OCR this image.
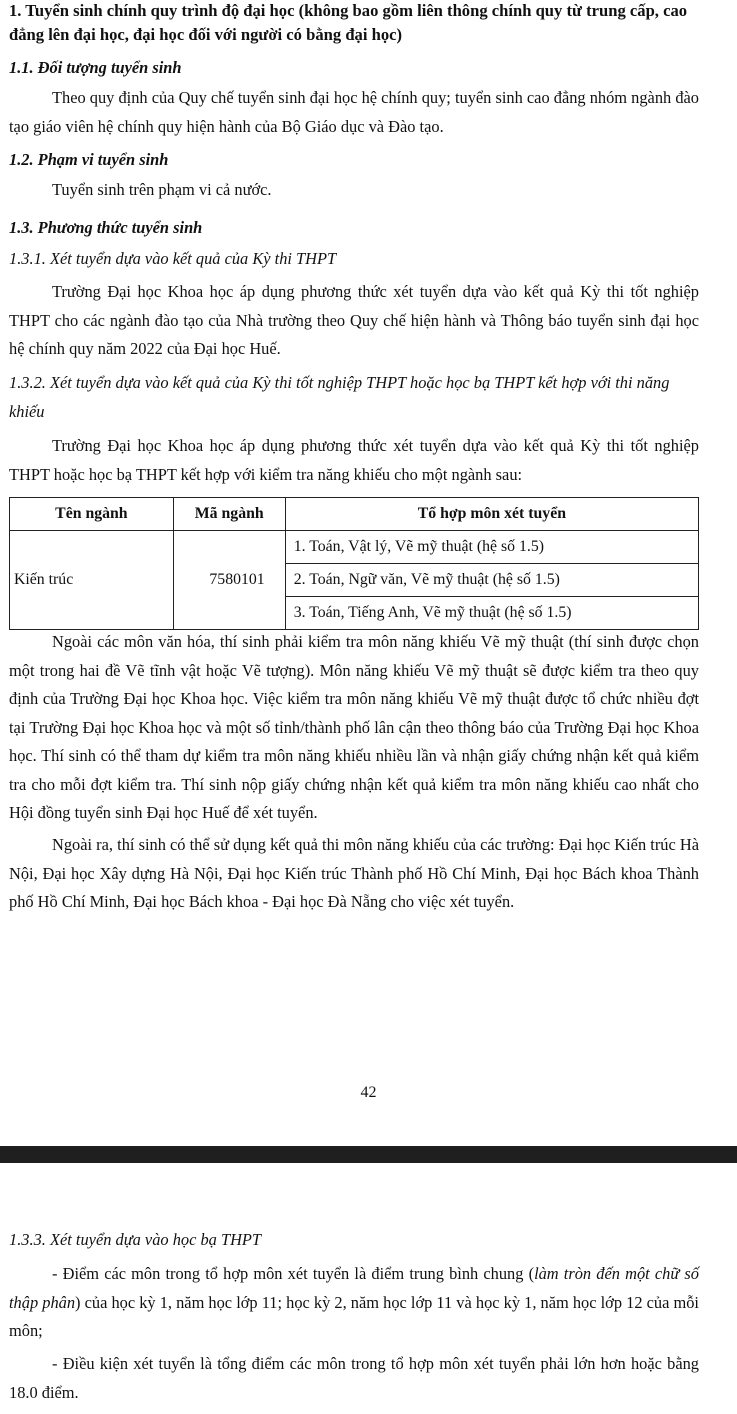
1. Tuyển sinh chính quy trình độ đại học (không bao gồm liên thông chính quy từ trung cấp, cao đẳng lên đại học, đại học đối với người có bằng đại học)

1.1. Đối tượng tuyển sinh

Theo quy định của Quy chế tuyển sinh đại học hệ chính quy; tuyển sinh cao đẳng nhóm ngành đào tạo giáo viên hệ chính quy hiện hành của Bộ Giáo dục và Đào tạo.

1.2. Phạm vi tuyển sinh

Tuyển sinh trên phạm vi cả nước.

1.3. Phương thức tuyển sinh

1.3.1. Xét tuyển dựa vào kết quả của Kỳ thi THPT

Trường Đại học Khoa học áp dụng phương thức xét tuyển dựa vào kết quả Kỳ thi tốt nghiệp THPT cho các ngành đào tạo của Nhà trường theo Quy chế hiện hành và Thông báo tuyển sinh đại học hệ chính quy năm 2022 của Đại học Huế.

1.3.2. Xét tuyển dựa vào kết quả của Kỳ thi tốt nghiệp THPT hoặc học bạ THPT kết hợp với thi năng khiếu

Trường Đại học Khoa học áp dụng phương thức xét tuyển dựa vào kết quả Kỳ thi tốt nghiệp THPT hoặc học bạ THPT kết hợp với kiểm tra năng khiếu cho một ngành sau:

Tên ngành	Mã ngành	Tổ hợp môn xét tuyển
Kiến trúc	7580101	1. Toán, Vật lý, Vẽ mỹ thuật (hệ số 1.5)
		2. Toán, Ngữ văn, Vẽ mỹ thuật (hệ số 1.5)
		3. Toán, Tiếng Anh, Vẽ mỹ thuật (hệ số 1.5)

Ngoài các môn văn hóa, thí sinh phải kiểm tra môn năng khiếu Vẽ mỹ thuật (thí sinh được chọn một trong hai đề Vẽ tĩnh vật hoặc Vẽ tượng). Môn năng khiếu Vẽ mỹ thuật sẽ được kiểm tra theo quy định của Trường Đại học Khoa học. Việc kiểm tra môn năng khiếu Vẽ mỹ thuật được tổ chức nhiều đợt tại Trường Đại học Khoa học và một số tỉnh/thành phố lân cận theo thông báo của Trường Đại học Khoa học. Thí sinh có thể tham dự kiểm tra môn năng khiếu nhiều lần và nhận giấy chứng nhận kết quả kiểm tra cho mỗi đợt kiểm tra. Thí sinh nộp giấy chứng nhận kết quả kiểm tra môn năng khiếu cao nhất cho Hội đồng tuyển sinh Đại học Huế để xét tuyển.

Ngoài ra, thí sinh có thể sử dụng kết quả thi môn năng khiếu của các trường: Đại học Kiến trúc Hà Nội, Đại học Xây dựng Hà Nội, Đại học Kiến trúc Thành phố Hồ Chí Minh, Đại học Bách khoa Thành phố Hồ Chí Minh, Đại học Bách khoa - Đại học Đà Nẵng cho việc xét tuyển.

42

1.3.3. Xét tuyển dựa vào học bạ THPT

- Điểm các môn trong tổ hợp môn xét tuyển là điểm trung bình chung (làm tròn đến một chữ số thập phân) của học kỳ 1, năm học lớp 11; học kỳ 2, năm học lớp 11 và học kỳ 1, năm học lớp 12 của mỗi môn;

- Điều kiện xét tuyển là tổng điểm các môn trong tổ hợp môn xét tuyển phải lớn hơn hoặc bằng 18.0 điểm.
